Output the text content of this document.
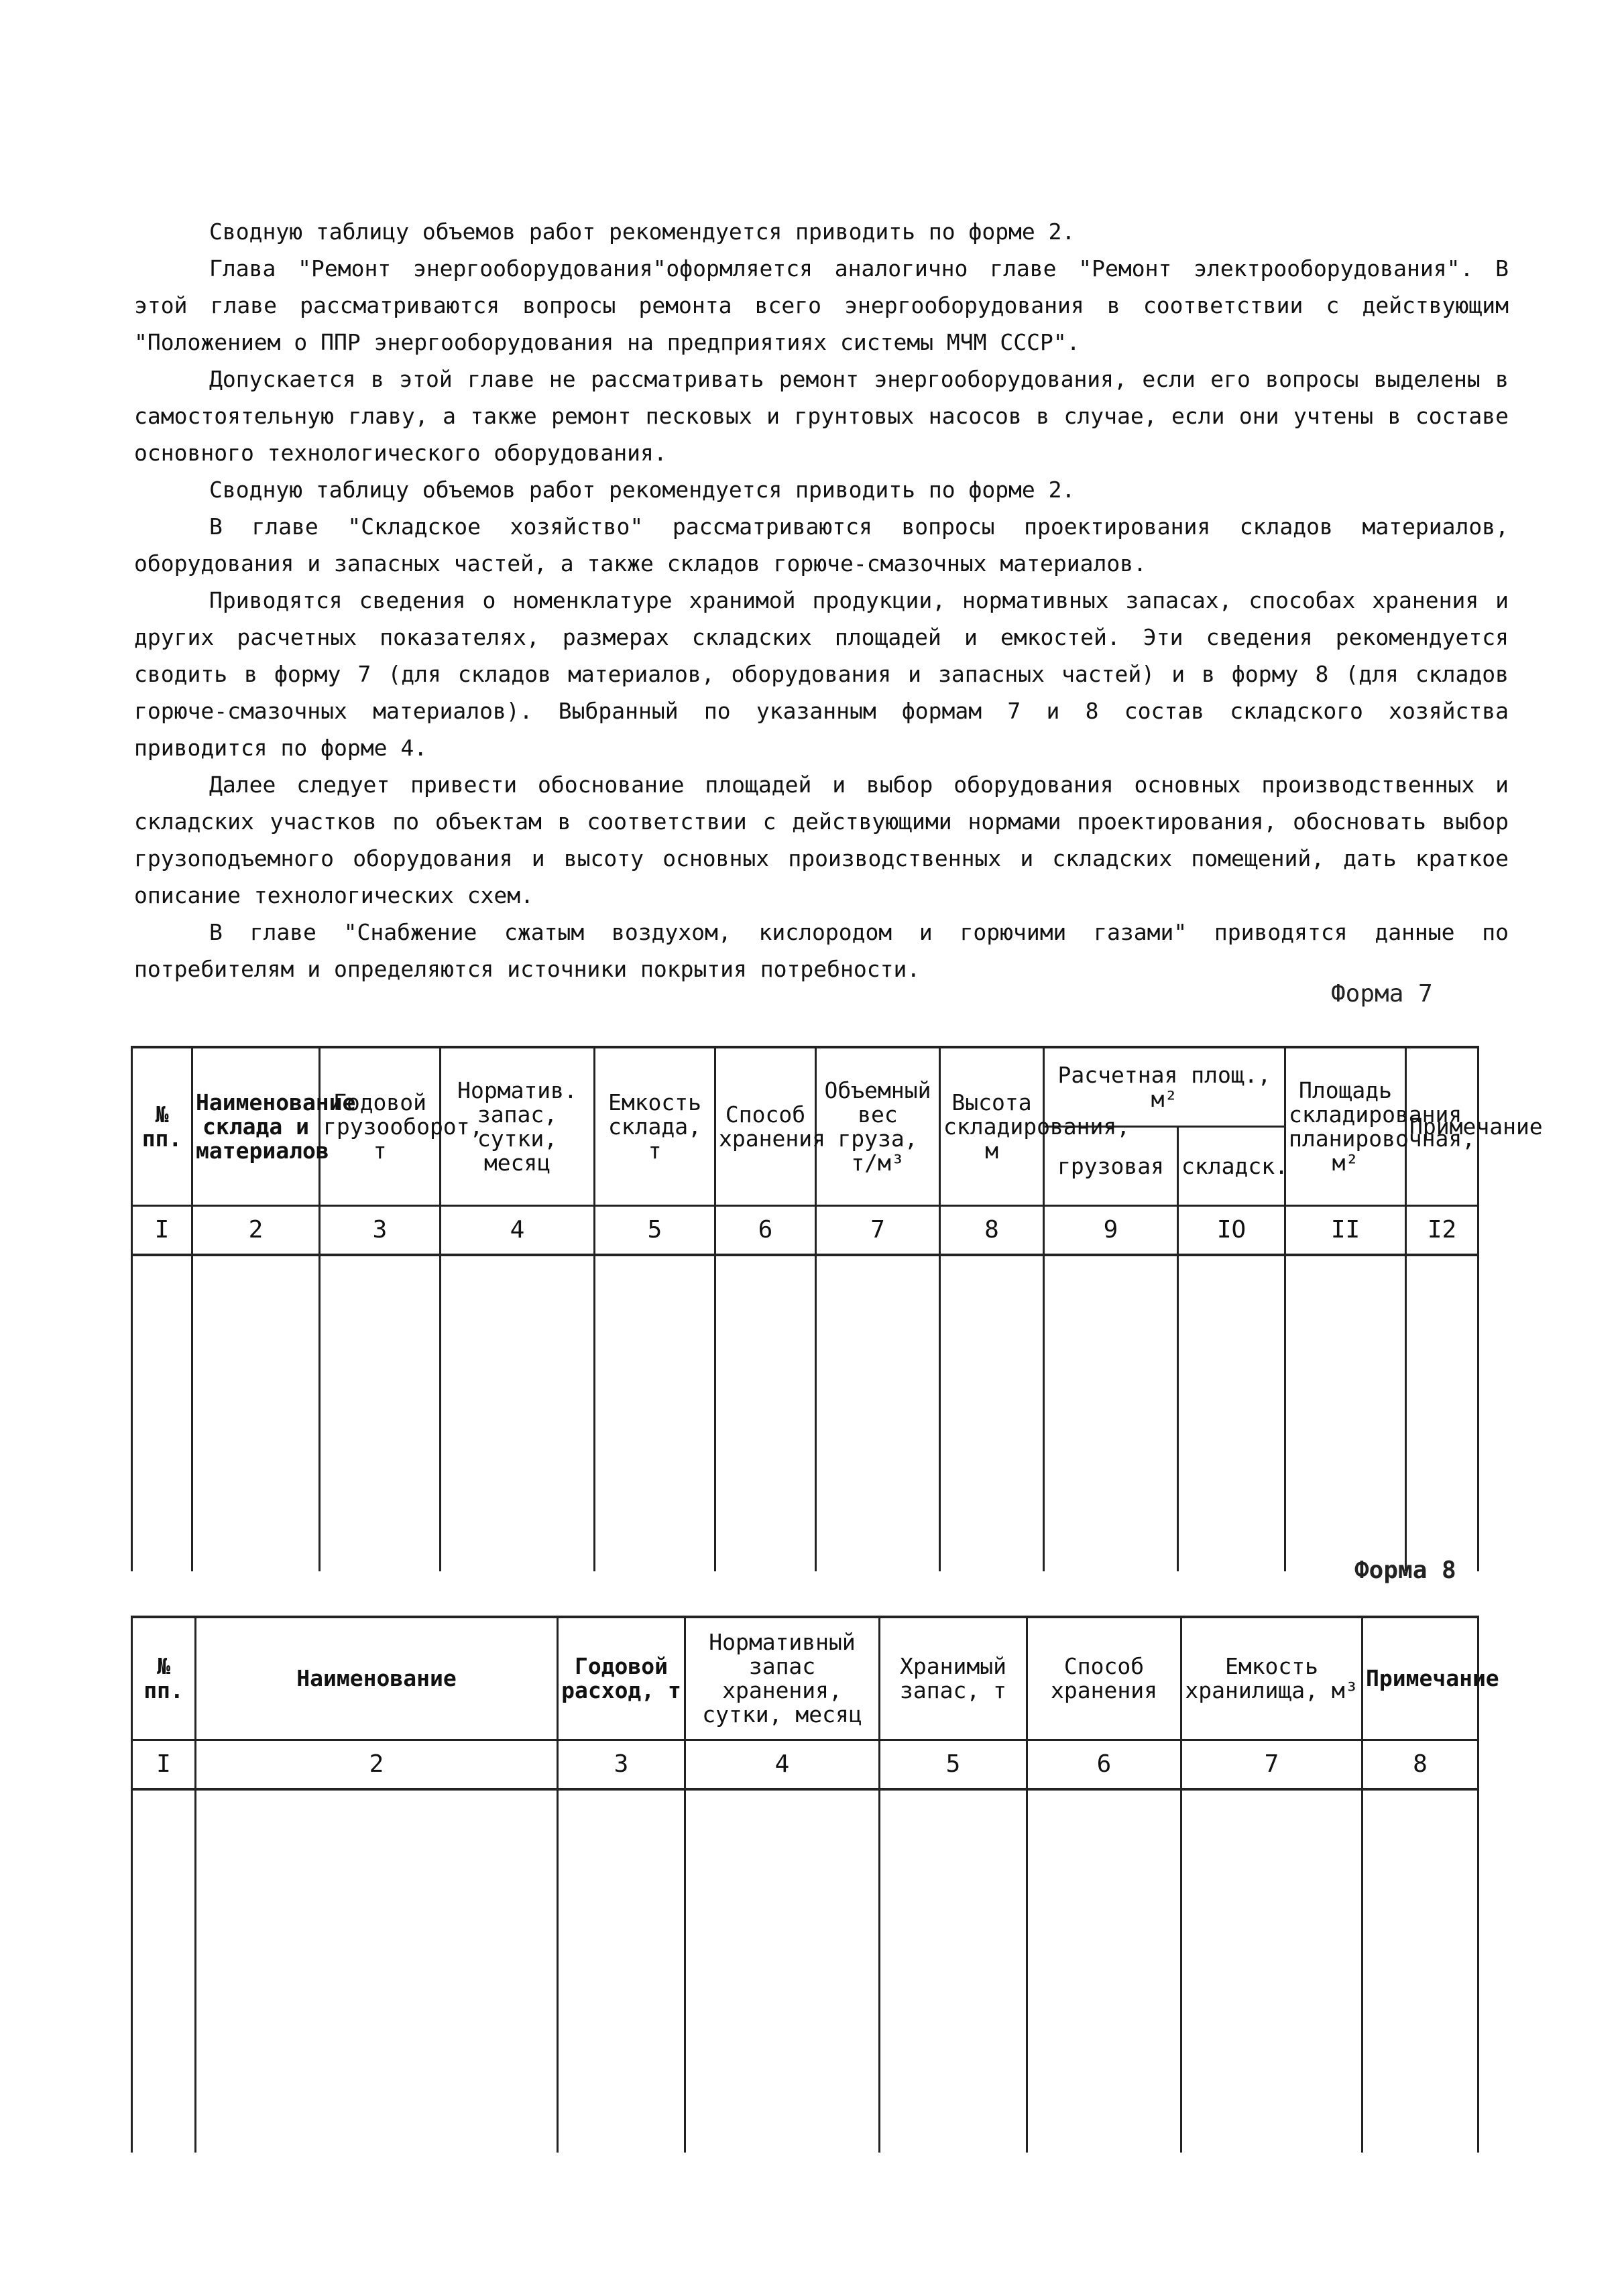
Сводную таблицу объемов работ рекомендуется приводить по форме 2.

Глава "Ремонт энергооборудования"оформляется аналогично главе "Ремонт электрооборудования". В этой главе рассматриваются вопросы ремонта всего энергооборудования в соответствии с действующим "Положением о ППР энергооборудования на предприятиях системы МЧМ СССР".

Допускается в этой главе не рассматривать ремонт энергооборудования, если его вопросы выделены в самостоятельную главу, а также ремонт песковых и грунтовых насосов в случае, если они учтены в составе основного технологического оборудования.

Сводную таблицу объемов работ рекомендуется приводить по форме 2.

В главе "Складское хозяйство" рассматриваются вопросы проектирования складов материалов, оборудования и запасных частей, а также складов горюче-смазочных материалов.

Приводятся сведения о номенклатуре хранимой продукции, нормативных запасах, способах хранения и других расчетных показателях, размерах складских площадей и емкостей. Эти сведения рекомендуется сводить в форму 7 (для складов материалов, оборудования и запасных частей) и в форму 8 (для складов горюче-смазочных материалов). Выбранный по указанным формам 7 и 8 состав складского хозяйства приводится по форме 4.

Далее следует привести обоснование площадей и выбор оборудования основных производственных и складских участков по объектам в соответствии с действующими нормами проектирования, обосновать выбор грузоподъемного оборудования и высоту основных производственных и складских помещений, дать краткое описание технологических схем.

В главе "Снабжение сжатым воздухом, кислородом и горючими газами" приводятся данные по потребителям и определяются источники покрытия потребности.

Форма 7
№ пп.	Наименование склада и материалов	Годовой грузооборот, т	Норматив. запас, сутки, месяц	Емкость склада, т	Способ хранения	Объемный вес груза, т/м³	Высота складирования, м	Расчетная площ., м²		Площадь складирования планировочная, м²	Примечание
								грузовая	складск.		
I	2	3	4	5	6	7	8	9	IO	II	I2

Форма 8
№ пп.	Наименование	Годовой расход, т	Нормативный запас хранения, сутки, месяц	Хранимый запас, т	Способ хранения	Емкость хранилища, м³	Примечание
I	2	3	4	5	6	7	8
